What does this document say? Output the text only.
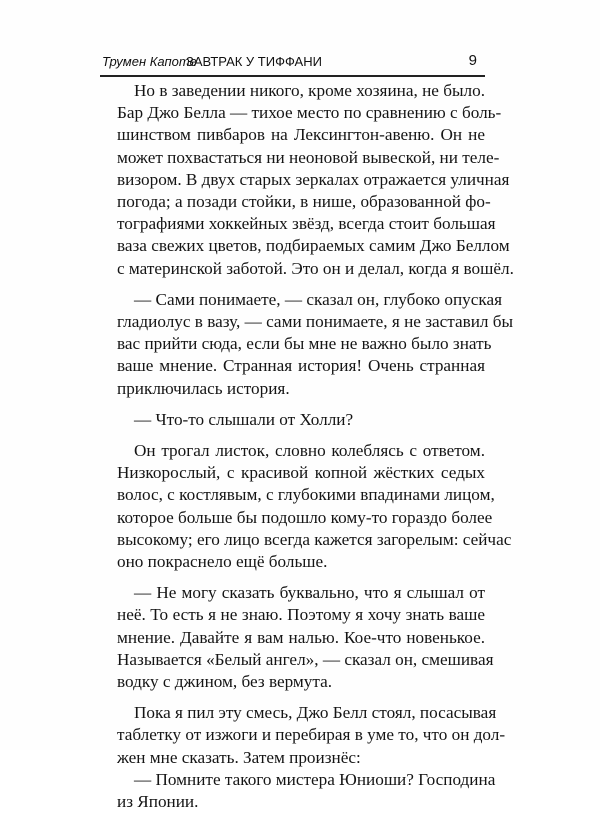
Трумен Капоте
ЗАВТРАК У ТИФФАНИ	9
Но в заведении никого, кроме хозяина, не было.
Бар Джо Белла — тихое место по сравнению с боль-
шинством пивбаров на Лексингтон-авеню. Он не
может похвастаться ни неоновой вывеской, ни теле-
визором. В двух старых зеркалах отражается уличная
погода; а позади стойки, в нише, образованной фо-
тографиями хоккейных звёзд, всегда стоит большая
ваза свежих цветов, подбираемых самим Джо Беллом
с материнской заботой. Это он и делал, когда я вошёл.
— Сами понимаете, — сказал он, глубоко опуская
гладиолус в вазу, — сами понимаете, я не заставил бы
вас прийти сюда, если бы мне не важно было знать
ваше мнение. Странная история! Очень странная
приключилась история.
— Что-то слышали от Холли?
Он трогал листок, словно колеблясь с ответом.
Низкорослый, с красивой копной жёстких седых
волос, с костлявым, с глубокими впадинами лицом,
которое больше бы подошло кому-то гораздо более
высокому; его лицо всегда кажется загорелым: сейчас
оно покраснело ещё больше.
— Не могу сказать буквально, что я слышал от
неё. То есть я не знаю. Поэтому я хочу знать ваше
мнение. Давайте я вам налью. Кое-что новенькое.
Называется «Белый ангел», — сказал он, смешивая
водку с джином, без вермута.
Пока я пил эту смесь, Джо Белл стоял, посасывая
таблетку от изжоги и перебирая в уме то, что он дол-
жен мне сказать. Затем произнёс:
— Помните такого мистера Юниоши? Господина
из Японии.
